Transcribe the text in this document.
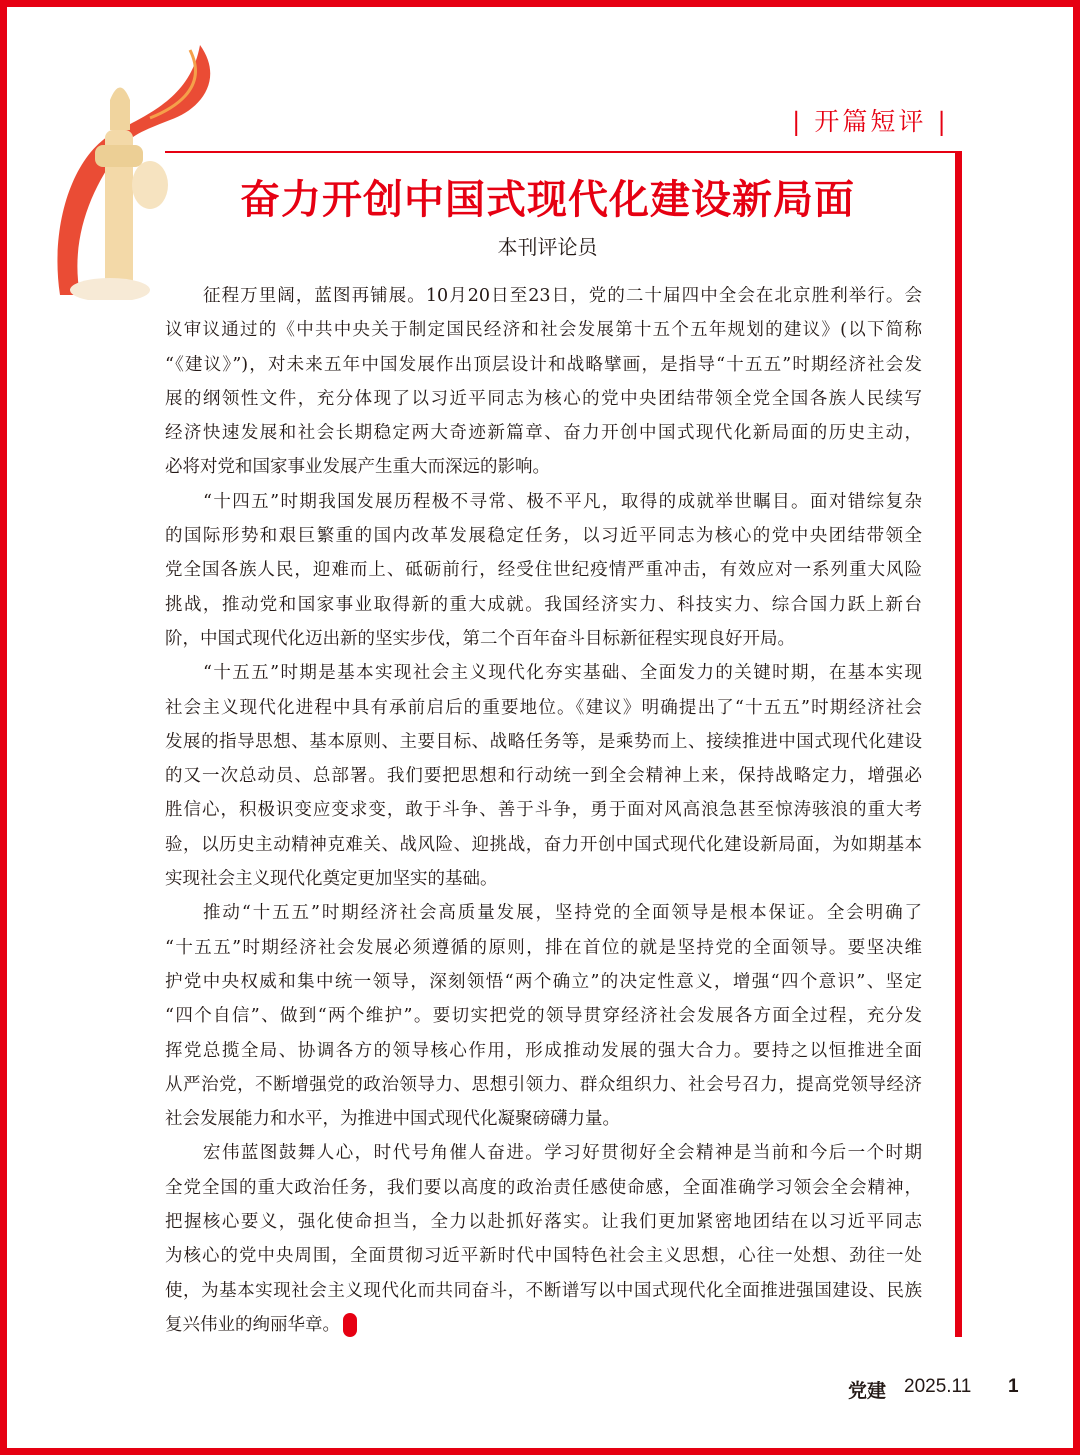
| 开篇短评 |
奋力开创中国式现代化建设新局面
本刊评论员
征程万里阔，蓝图再铺展。10月20日至23日，党的二十届四中全会在北京胜利举行。会
议审议通过的《中共中央关于制定国民经济和社会发展第十五个五年规划的建议》(以下简称
“《建议》”)，对未来五年中国发展作出顶层设计和战略擘画，是指导“十五五”时期经济社会发
展的纲领性文件，充分体现了以习近平同志为核心的党中央团结带领全党全国各族人民续写
经济快速发展和社会长期稳定两大奇迹新篇章、奋力开创中国式现代化新局面的历史主动，
必将对党和国家事业发展产生重大而深远的影响。
“十四五”时期我国发展历程极不寻常、极不平凡，取得的成就举世瞩目。面对错综复杂
的国际形势和艰巨繁重的国内改革发展稳定任务，以习近平同志为核心的党中央团结带领全
党全国各族人民，迎难而上、砥砺前行，经受住世纪疫情严重冲击，有效应对一系列重大风险
挑战，推动党和国家事业取得新的重大成就。我国经济实力、科技实力、综合国力跃上新台
阶，中国式现代化迈出新的坚实步伐，第二个百年奋斗目标新征程实现良好开局。
“十五五”时期是基本实现社会主义现代化夯实基础、全面发力的关键时期，在基本实现
社会主义现代化进程中具有承前启后的重要地位。《建议》明确提出了“十五五”时期经济社会
发展的指导思想、基本原则、主要目标、战略任务等，是乘势而上、接续推进中国式现代化建设
的又一次总动员、总部署。我们要把思想和行动统一到全会精神上来，保持战略定力，增强必
胜信心，积极识变应变求变，敢于斗争、善于斗争，勇于面对风高浪急甚至惊涛骇浪的重大考
验，以历史主动精神克难关、战风险、迎挑战，奋力开创中国式现代化建设新局面，为如期基本
实现社会主义现代化奠定更加坚实的基础。
推动“十五五”时期经济社会高质量发展，坚持党的全面领导是根本保证。全会明确了
“十五五”时期经济社会发展必须遵循的原则，排在首位的就是坚持党的全面领导。要坚决维
护党中央权威和集中统一领导，深刻领悟“两个确立”的决定性意义，增强“四个意识”、坚定
“四个自信”、做到“两个维护”。要切实把党的领导贯穿经济社会发展各方面全过程，充分发
挥党总揽全局、协调各方的领导核心作用，形成推动发展的强大合力。要持之以恒推进全面
从严治党，不断增强党的政治领导力、思想引领力、群众组织力、社会号召力，提高党领导经济
社会发展能力和水平，为推进中国式现代化凝聚磅礴力量。
宏伟蓝图鼓舞人心，时代号角催人奋进。学习好贯彻好全会精神是当前和今后一个时期
全党全国的重大政治任务，我们要以高度的政治责任感使命感，全面准确学习领会全会精神，
把握核心要义，强化使命担当，全力以赴抓好落实。让我们更加紧密地团结在以习近平同志
为核心的党中央周围，全面贯彻习近平新时代中国特色社会主义思想，心往一处想、劲往一处
使，为基本实现社会主义现代化而共同奋斗，不断谱写以中国式现代化全面推进强国建设、民族
复兴伟业的绚丽华章。
党建 2025.11 1
